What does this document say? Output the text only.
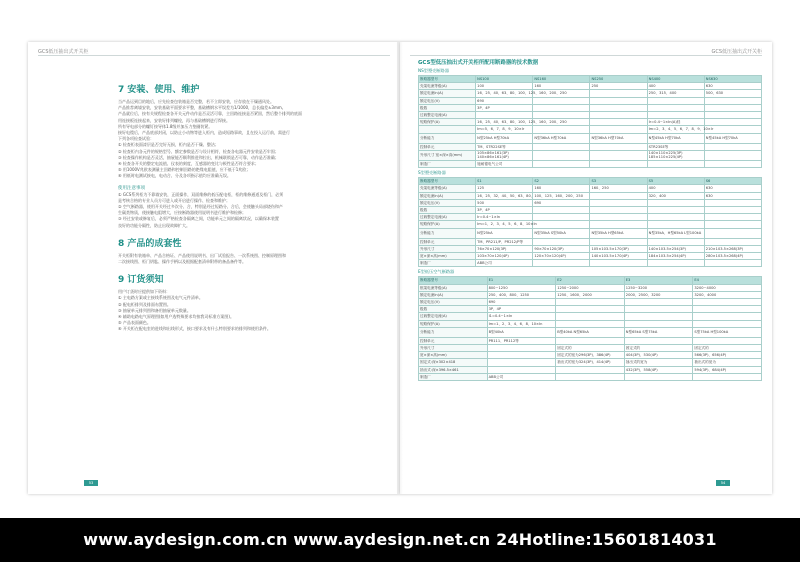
GCS低压抽出式开关柜
7 安装、使用、维护
当产品运到目的地后，应先检查包装箱是否完整，若不立即安装，应存放在干燥通风处。
产品推荐离墙安装，安装基础平面要求平整，基础槽钢水平误差为1/1000，总长偏差±3mm。
产品就位后，按有关规程检查各开关元件动作是否灵活可靠，主回路连接是否紧固，然后整个排列的底面
用连接板连接起来，安装好排列螺栓，再与基础槽钢进行焊接。
所有导电部分的螺钉按导体1.8级并加压力垫圈装紧。
接好电缆后，产品底部封闭，以防止小动物等进入柜内，造成短路事故，且在投入运行前，需进行
下列各项检查试验：
① 检查柜表面漆层是否完好无损，柜内是否干燥、整洁；
② 检查柜内各元件的规格型号、额定参数是否与设计相符，检查各电器元件安装是否牢固；
③ 检查操作机构是否灵活，抽屉能否顺利推进和拉出，机械联锁是否可靠，动作是否准确；
④ 检查各开关的整定电流值、仪表的刻度，互感器的变比与极性是否符合要求；
⑤ 用1000V兆欧表测量主回路和控制回路的绝缘电阻值，应不低于1兆欧；
⑥ 用低时电测试接电，电动合、分及各项指示值均应准确无误。
使用注意事项
① GCS系列柜为不靠墙安装，正面操作，双面维修的低压配电柜，柜的维修通道及柜门，必须
是考核合格的专业人员方可进入或开启进行操作、检查和维护；
② 空气断路器，使用开关经过多次分、合，特别是经过短路分、合后，会使触头局部烧伤和产
生碳类物质，使接触电阻增大，应按断路器使用说明书进行维护和检修；
③ 经过安装或修复后，必须严格检查各隔离之间，功能单元之间的隔离状况，以确保本装置
良好的功能分隔性，防止出现故障扩大。
8 产品的成套性
开关柜附有装箱单、产品合格证、产品使用说明书、出厂试验报告、一次系统图、控制原理图和
二次接线图、柜门钥匙、操作手柄以及根据配套清单附带的备品备件等。
9 订货须知
用户订货时应提供如下资料：
① 主电路方案或主接线系统图及电气元件清单。
② 配电柜排列及排面布置图。
③ 抽屉单元排列图和备用抽屉单元数量。
④ 辅助电路电气原理图(如用户选特殊要求均按我司标准方案图)。
⑤ 产品表面颜色。
⑥ 开关柜在配电室的进线和出线形式，接口要求及有什么特别要求的排列和使用条件。
53
GCS低压抽出式开关柜
GCS型低压抽出式开关柜所配用断路器的技术数据
NS型塑壳断路器
断路器型号	NS100	NS160	NS250	NS400	NS630
壳架电流等级(A)	100	160	250	400	630
额定电流In(A)	16、25、40、63、80、100、125、160、200、250			250、315、400	500、630
额定电压(V)	690				
极数	3P、4P				
过载整定电流(A)					
短路保护(A)	16、25、40、63、80、100、125、160、200、250			Ir=0.4~1×In(A)档	
	Im=5、6、7、8、9、10×Ir			Im=2、3、4、5、6、7、8、9、10×Ir	
分断能力	N型25kA H型70kA	N型36kA H型70kA	N型36kA H型70kA	N型45kA H型70kA	N型45kA H型70kA
控制单元	TM、STR22SE等			STR23SE等	
外形尺寸 宽×深×高(mm)	105×86×161(3P) 140×86×161(4P)			140×110×225(3P) 185×110×225(4P)	
制造厂	施耐德电气公司				
S型塑壳断路器
断路器型号	S1	S2	S3	S5	S6
壳架电流等级(A)	125	160	160、250	400	630
额定电流In(A)	16、25、32、40、50、63、80、100、125、160、200、250			320、400	630
额定电压(V)	500	690			
极数	3P、4P				
过载整定电流(A)	Ir=0.4~1×In				
短路保护(A)	Im=1、2、3、4、5、6、8、10×In				
分断能力	N型25kA	N型35kA S型50kA	N型35kA H型65kA	N型35kA、H型65kA L型100kA	
控制单元	TM、PR211/P、PR212/P等				
外形尺寸	76×70×120(3P)	90×70×120(3P)	105×103.5×170(3P)	140×103.5×254(3P)	210×103.5×268(3P)
宽×深×高(mm)	103×70×120(4P)	120×70×120(4P)	140×103.5×170(4P)	184×103.5×254(4P)	280×103.5×268(4P)
制造厂	ABB公司				
E型低压空气断路器
断路器型号	E1	E2	E3	E4
框架电流等级(A)	800~1250	1250~2000	1250~3200	3200~4000
额定电流In(A)	250、400、800、1250	1250、1600、2000	2000、2500、3200	3200、4000
额定电压(V)	690			
极数	3P、4P			
过载整定电流(A)	I1=0.4~1×In			
短路保护(A)	Im=1、2、3、4、6、8、10×In			
分断能力	B型40kA	B型40kA N型65kA	N型65kA S型75kA	S型75kA H型100kA
控制单元	PR111、PR112等			
外形尺寸		固定式的	固定式的	固定式的
宽×深×高(mm)		固定式的宽为296(3P)、386(4P)	404(3P)、530(4P)	566(3P)、656(4P)
固定式:深×302×418		抽出式的宽为324(3P)、414(4P)	抽出式的宽为	抽出式的宽为
抽出式:深×396.5×461			432(3P)、558(4P)	594(3P)、684(4P)
制造厂	ABB公司			
54
www.aydesign.com.cn www.aydesign.net.cn 24Hotline:15601814031
